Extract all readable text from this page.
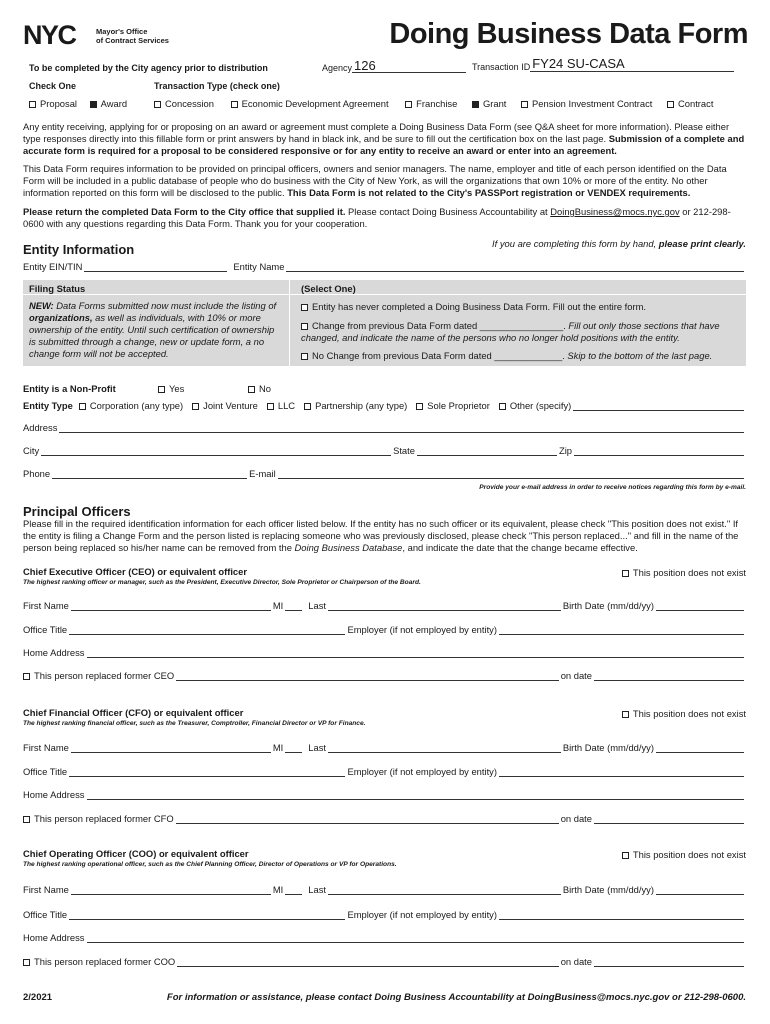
NYC	Mayor's Office
of Contract Services	Doing Business Data Form
To be completed by the City agency prior to distribution	Agency 126	Transaction ID FY24 SU-CASA
Check One	Transaction Type (check one)
Proposal	Award	Concession	Economic Development Agreement	Franchise	Grant	Pension Investment Contract	Contract
Any entity receiving, applying for or proposing on an award or agreement must complete a Doing Business Data Form (see Q&A sheet for more information). Please either type responses directly into this fillable form or print answers by hand in black ink, and be sure to fill out the certification box on the last page. Submission of a complete and accurate form is required for a proposal to be considered responsive or for any entity to receive an award or enter into an agreement.
This Data Form requires information to be provided on principal officers, owners and senior managers. The name, employer and title of each person identified on the Data Form will be included in a public database of people who do business with the City of New York, as will the organizations that own 10% or more of the entity. No other information reported on this form will be disclosed to the public. This Data Form is not related to the City's PASSPort registration or VENDEX requirements.
Please return the completed Data Form to the City office that supplied it. Please contact Doing Business Accountability at DoingBusiness@mocs.nyc.gov or 212-298-0600 with any questions regarding this Data Form. Thank you for your cooperation.
Entity Information	If you are completing this form by hand, please print clearly.
Entity EIN/TIN	Entity Name
Filing Status	(Select One)
NEW: Data Forms submitted now must include the listing of organizations, as well as individuals, with 10% or more ownership of the entity. Until such certification of ownership is submitted through a change, new or update form, a no change form will not be accepted.
Entity has never completed a Doing Business Data Form. Fill out the entire form.
Change from previous Data Form dated ________________. Fill out only those sections that have changed, and indicate the name of the persons who no longer hold positions with the entity.
No Change from previous Data Form dated _____________. Skip to the bottom of the last page.
Entity is a Non-Profit	Yes	No
Entity Type	Corporation (any type)	Joint Venture	LLC	Partnership (any type)	Sole Proprietor	Other (specify)
Address
City	State	Zip
Phone	E-mail
Provide your e-mail address in order to receive notices regarding this form by e-mail.
Principal Officers
Please fill in the required identification information for each officer listed below. If the entity has no such officer or its equivalent, please check "This position does not exist." If the entity is filing a Change Form and the person listed is replacing someone who was previously disclosed, please check "This person replaced..." and fill in the name of the person being replaced so his/her name can be removed from the Doing Business Database, and indicate the date that the change became effective.
Chief Executive Officer (CEO) or equivalent officer	This position does not exist
The highest ranking officer or manager, such as the President, Executive Director, Sole Proprietor or Chairperson of the Board.
First Name	MI	Last	Birth Date (mm/dd/yy)
Office Title	Employer (if not employed by entity)
Home Address
This person replaced former CEO	on date
Chief Financial Officer (CFO) or equivalent officer	This position does not exist
The highest ranking financial officer, such as the Treasurer, Comptroller, Financial Director or VP for Finance.
First Name	MI	Last	Birth Date (mm/dd/yy)
Office Title	Employer (if not employed by entity)
Home Address
This person replaced former CFO	on date
Chief Operating Officer (COO) or equivalent officer	This position does not exist
The highest ranking operational officer, such as the Chief Planning Officer, Director of Operations or VP for Operations.
First Name	MI	Last	Birth Date (mm/dd/yy)
Office Title	Employer (if not employed by entity)
Home Address
This person replaced former COO	on date
2/2021	For information or assistance, please contact Doing Business Accountability at DoingBusiness@mocs.nyc.gov or 212-298-0600.
